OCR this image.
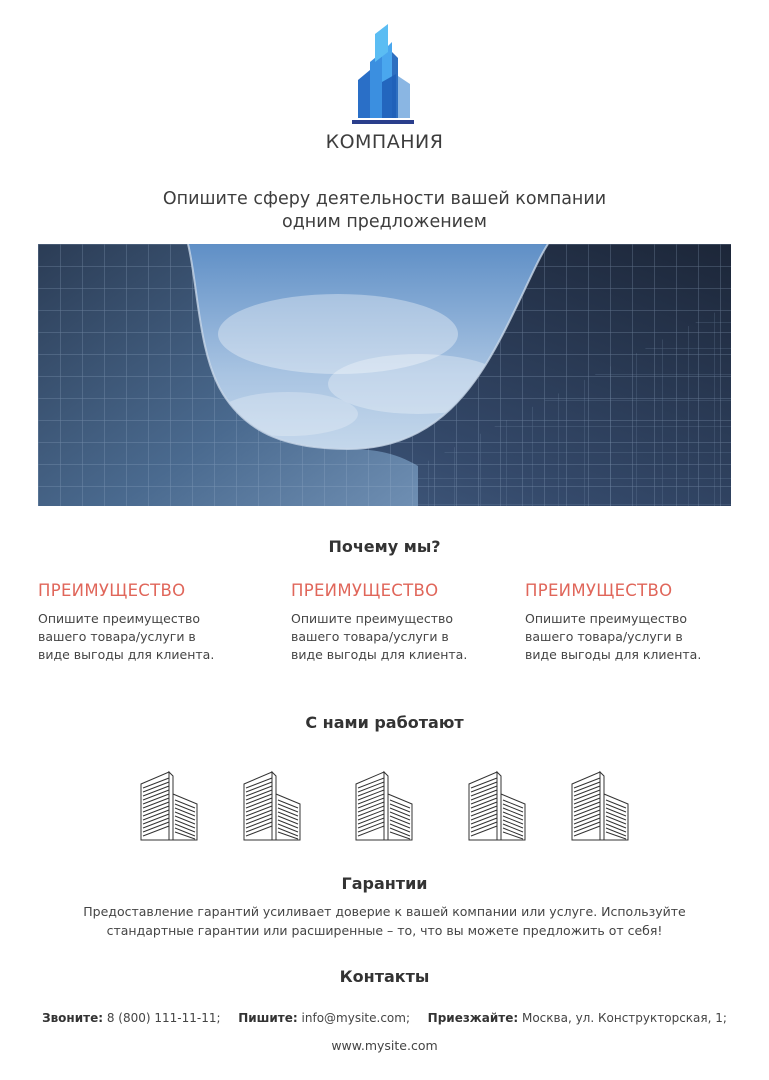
КОМПАНИЯ
Опишите сферу деятельности вашей компании
одним предложением
Почему мы?
ПРЕИМУЩЕСТВО
Опишите преимущество
вашего товара/услуги в
виде выгоды для клиента.
ПРЕИМУЩЕСТВО
Опишите преимущество
вашего товара/услуги в
виде выгоды для клиента.
ПРЕИМУЩЕСТВО
Опишите преимущество
вашего товара/услуги в
виде выгоды для клиента.
С нами работают
Гарантии
Предоставление гарантий усиливает доверие к вашей компании или услуге. Используйте
стандартные гарантии или расширенные – то, что вы можете предложить от себя!
Контакты
Звоните: 8 (800) 111-11-11; Пишите: info@mysite.com; Приезжайте: Москва, ул. Конструкторская, 1;
www.mysite.com
